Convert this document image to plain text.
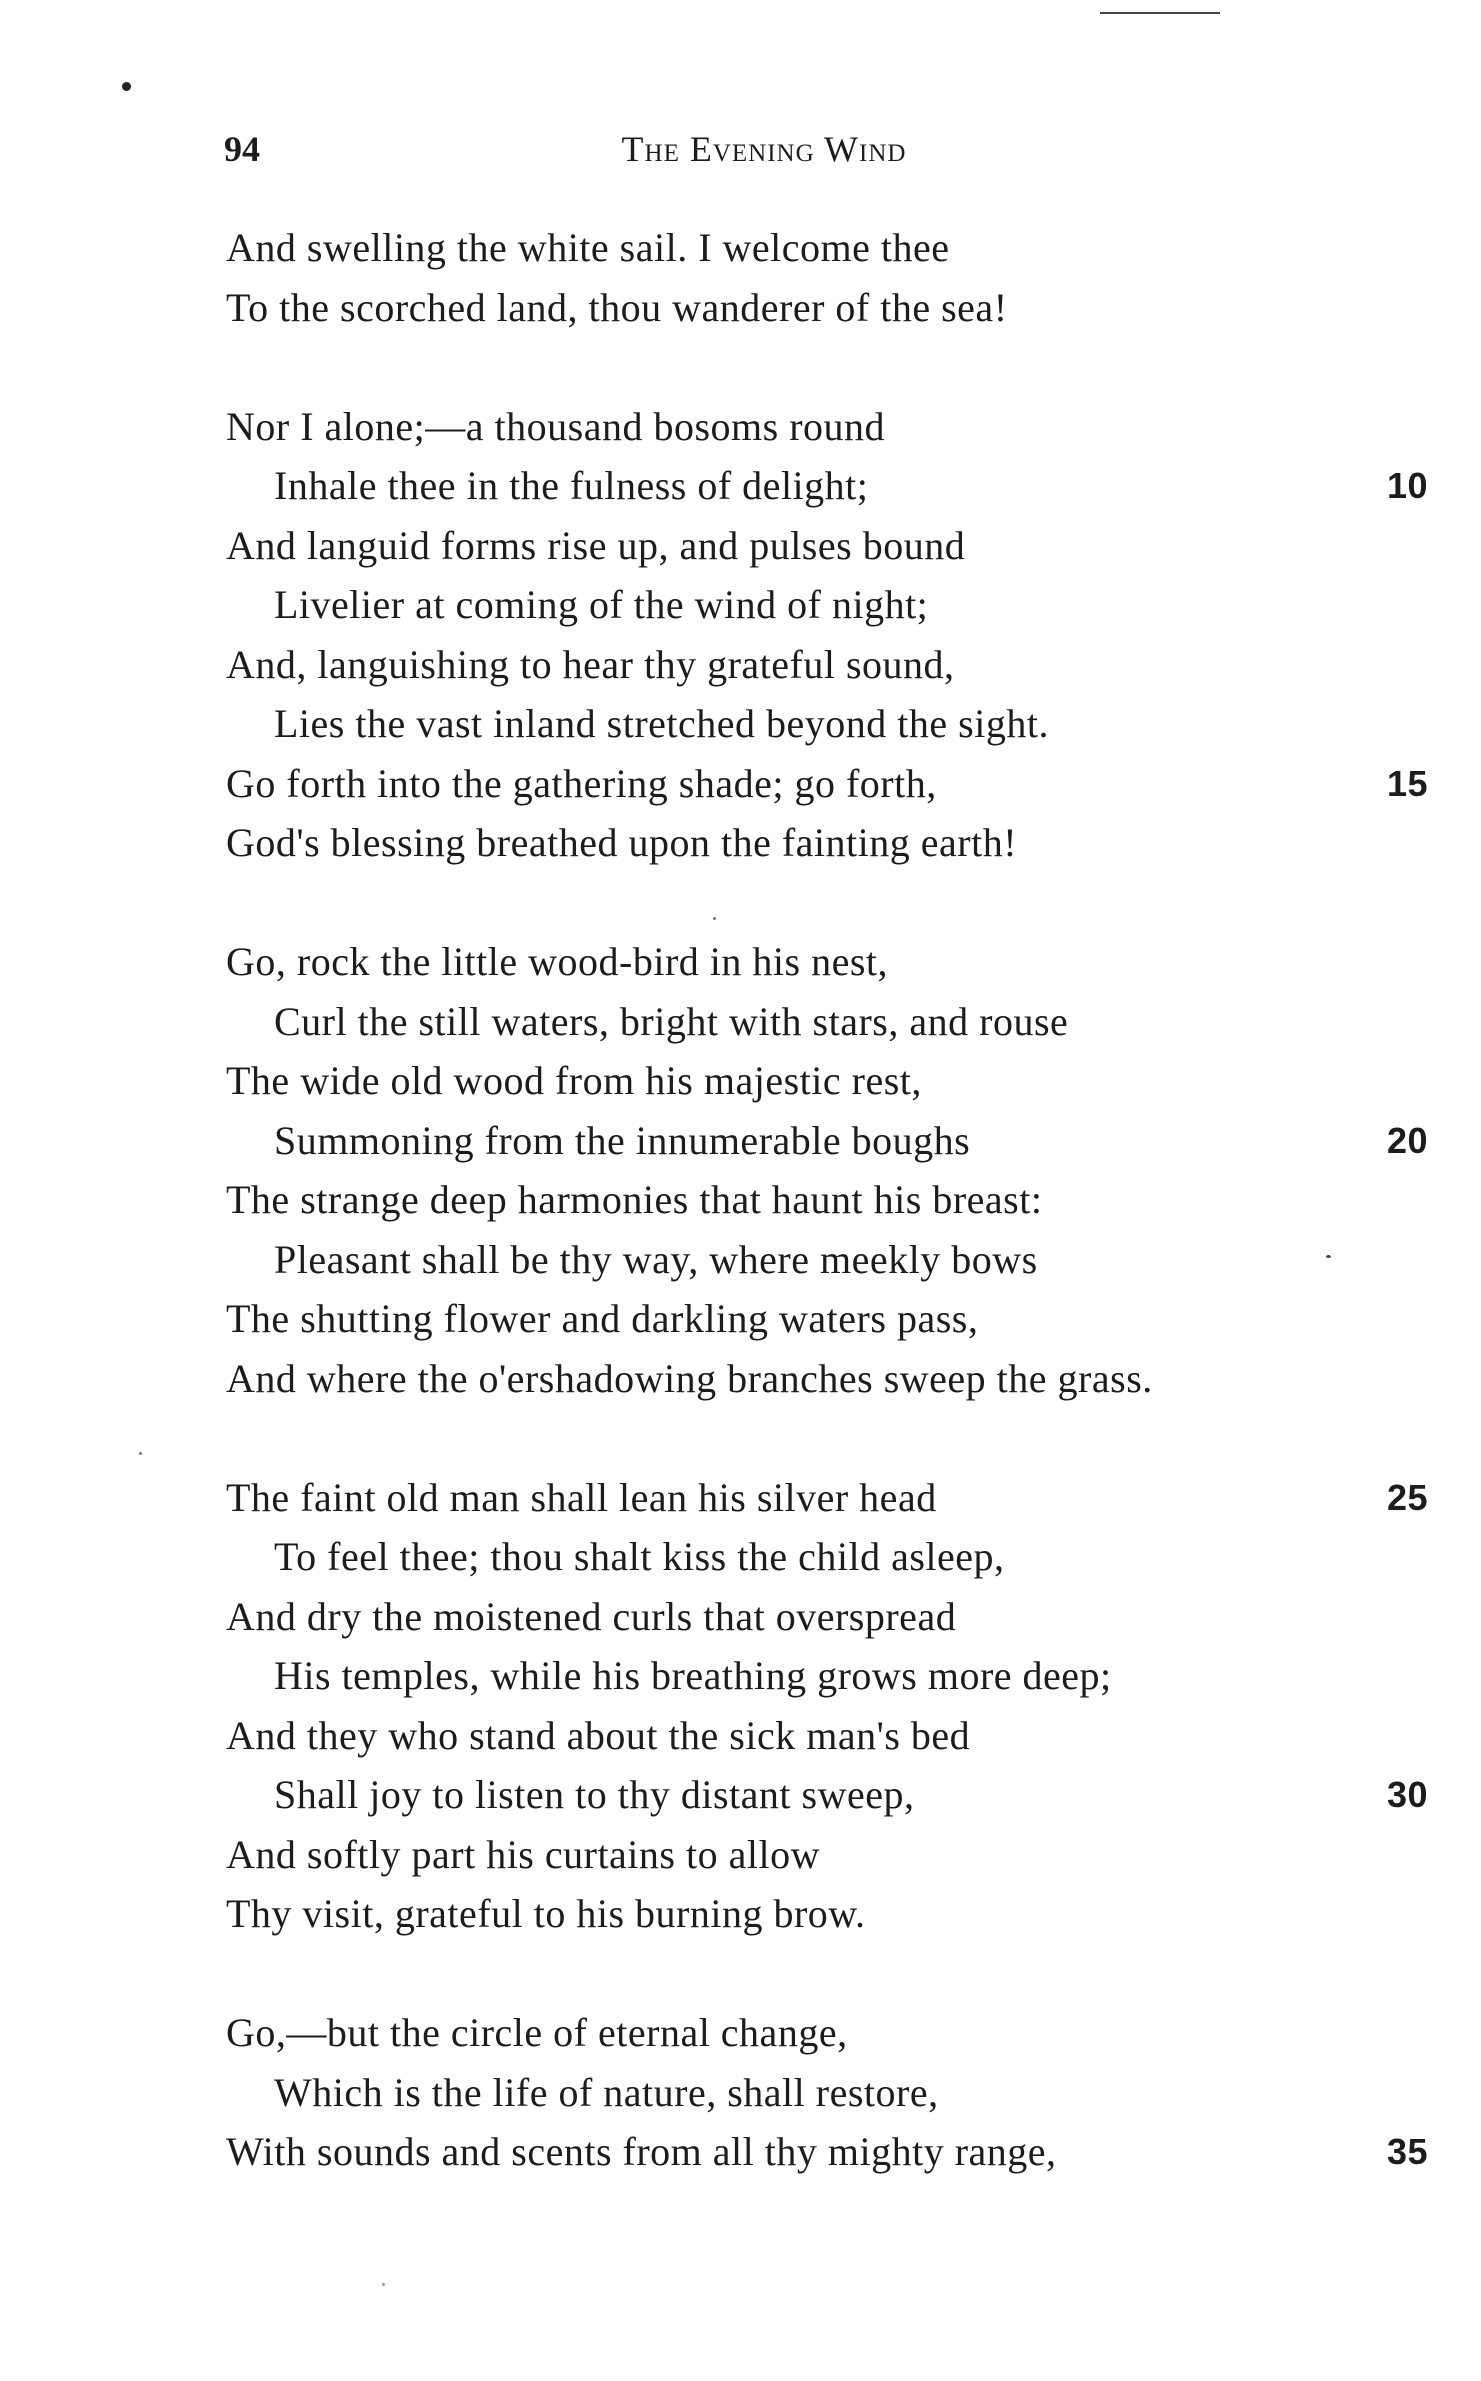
94	The Evening Wind
And swelling the white sail. I welcome thee
To the scorched land, thou wanderer of the sea!
Nor I alone;—a thousand bosoms round
Inhale thee in the fulness of delight;	10
And languid forms rise up, and pulses bound
Livelier at coming of the wind of night;
And, languishing to hear thy grateful sound,
Lies the vast inland stretched beyond the sight.
Go forth into the gathering shade; go forth,	15
God's blessing breathed upon the fainting earth!
Go, rock the little wood-bird in his nest,
Curl the still waters, bright with stars, and rouse
The wide old wood from his majestic rest,
Summoning from the innumerable boughs	20
The strange deep harmonies that haunt his breast:
Pleasant shall be thy way, where meekly bows
The shutting flower and darkling waters pass,
And where the o'ershadowing branches sweep the grass.
The faint old man shall lean his silver head	25
To feel thee; thou shalt kiss the child asleep,
And dry the moistened curls that overspread
His temples, while his breathing grows more deep;
And they who stand about the sick man's bed
Shall joy to listen to thy distant sweep,	30
And softly part his curtains to allow
Thy visit, grateful to his burning brow.
Go,—but the circle of eternal change,
Which is the life of nature, shall restore,
With sounds and scents from all thy mighty range,	35
